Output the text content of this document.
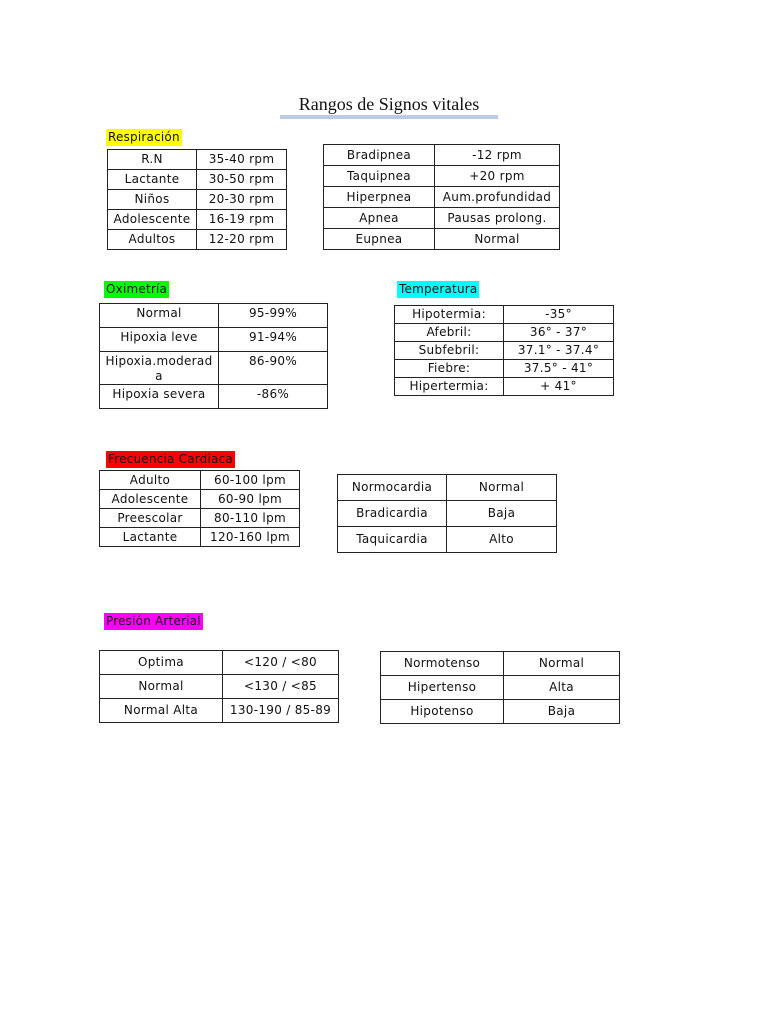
Rangos de Signos vitales
Respiración
R.N	35-40 rpm
Lactante	30-50 rpm
Niños	20-30 rpm
Adolescente	16-19 rpm
Adultos	12-20 rpm
Bradipnea	-12 rpm
Taquipnea	+20 rpm
Hiperpnea	Aum.profundidad
Apnea	Pausas prolong.
Eupnea	Normal
Oximetría
Normal	95-99%
Hipoxia leve	91-94%
Hipoxia.moderad
a	86-90%
Hipoxia severa	-86%
Temperatura
Hipotermia:	-35°
Afebril:	36° - 37°
Subfebril:	37.1° - 37.4°
Fiebre:	37.5° - 41°
Hipertermia:	+ 41°
Frecuencia Cardiaca
Adulto	60-100 lpm
Adolescente	60-90 lpm
Preescolar	80-110 lpm
Lactante	120-160 lpm
Normocardia	Normal
Bradicardia	Baja
Taquicardia	Alto
Presión Arterial
Optima	<120 / <80
Normal	<130 / <85
Normal Alta	130-190 / 85-89
Normotenso	Normal
Hipertenso	Alta
Hipotenso	Baja
